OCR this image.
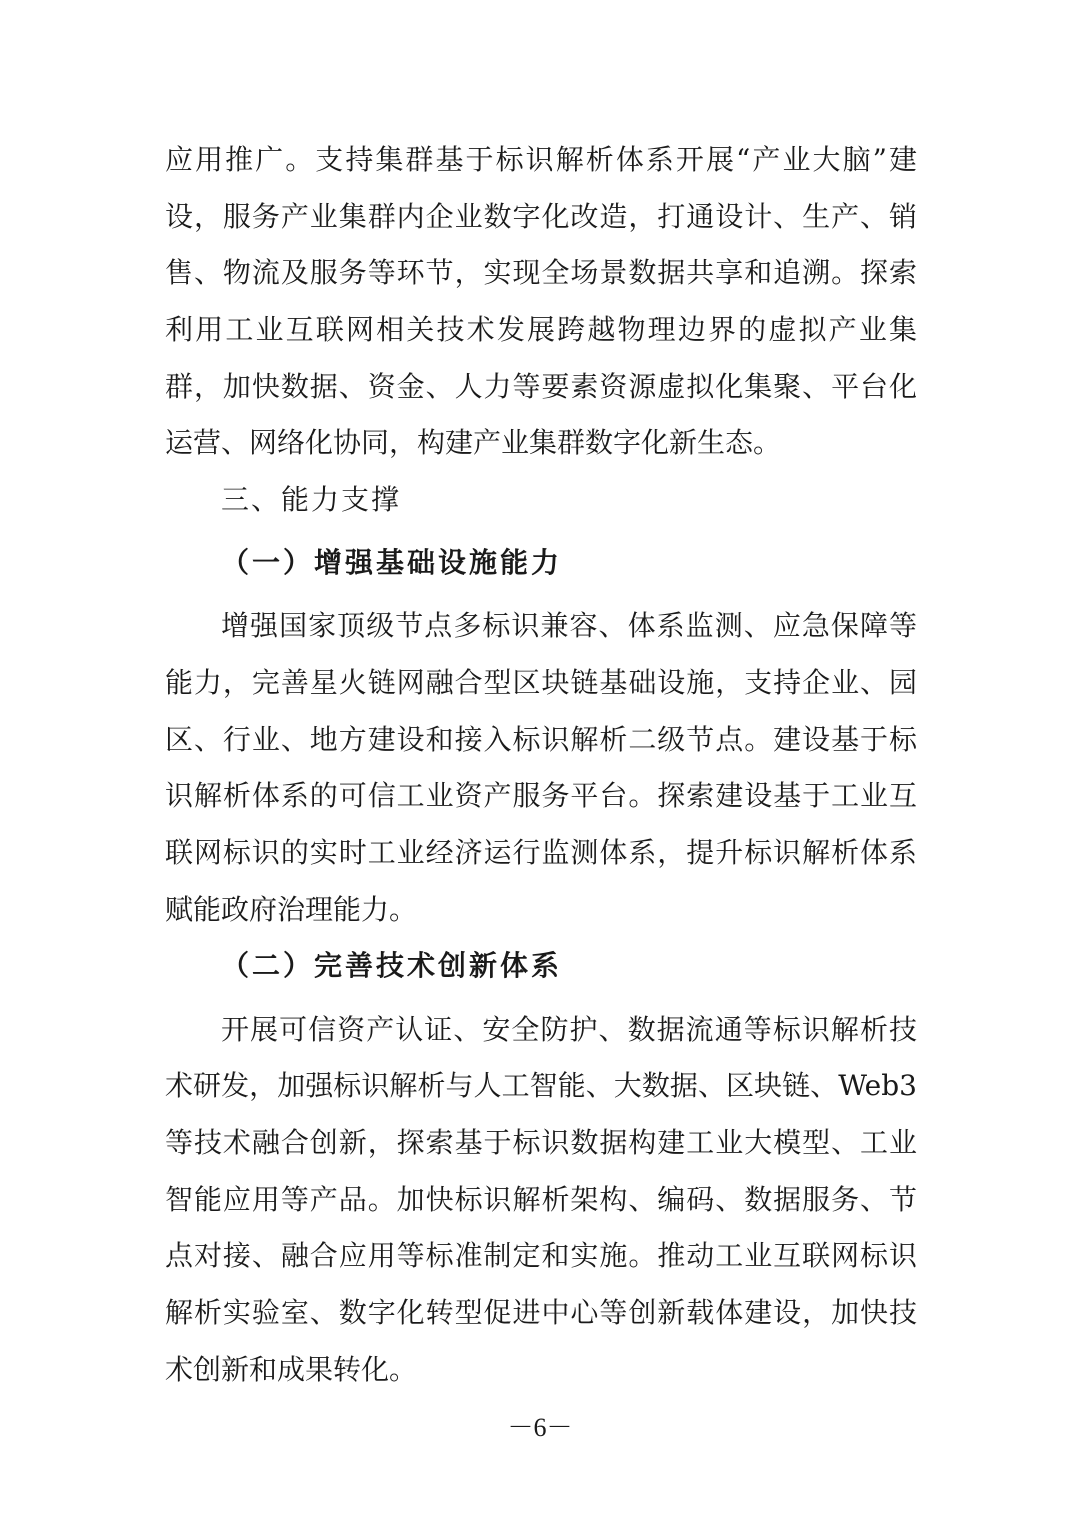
应用推广。支持集群基于标识解析体系开展“产业大脑”建
设，服务产业集群内企业数字化改造，打通设计、生产、销
售、物流及服务等环节，实现全场景数据共享和追溯。探索
利用工业互联网相关技术发展跨越物理边界的虚拟产业集
群，加快数据、资金、人力等要素资源虚拟化集聚、平台化
运营、网络化协同，构建产业集群数字化新生态。
三、能力支撑
（一）增强基础设施能力
增强国家顶级节点多标识兼容、体系监测、应急保障等
能力，完善星火链网融合型区块链基础设施，支持企业、园
区、行业、地方建设和接入标识解析二级节点。建设基于标
识解析体系的可信工业资产服务平台。探索建设基于工业互
联网标识的实时工业经济运行监测体系，提升标识解析体系
赋能政府治理能力。
（二）完善技术创新体系
开展可信资产认证、安全防护、数据流通等标识解析技
术研发，加强标识解析与人工智能、大数据、区块链、Web3
等技术融合创新，探索基于标识数据构建工业大模型、工业
智能应用等产品。加快标识解析架构、编码、数据服务、节
点对接、融合应用等标准制定和实施。推动工业互联网标识
解析实验室、数字化转型促进中心等创新载体建设，加快技
术创新和成果转化。
－6－
